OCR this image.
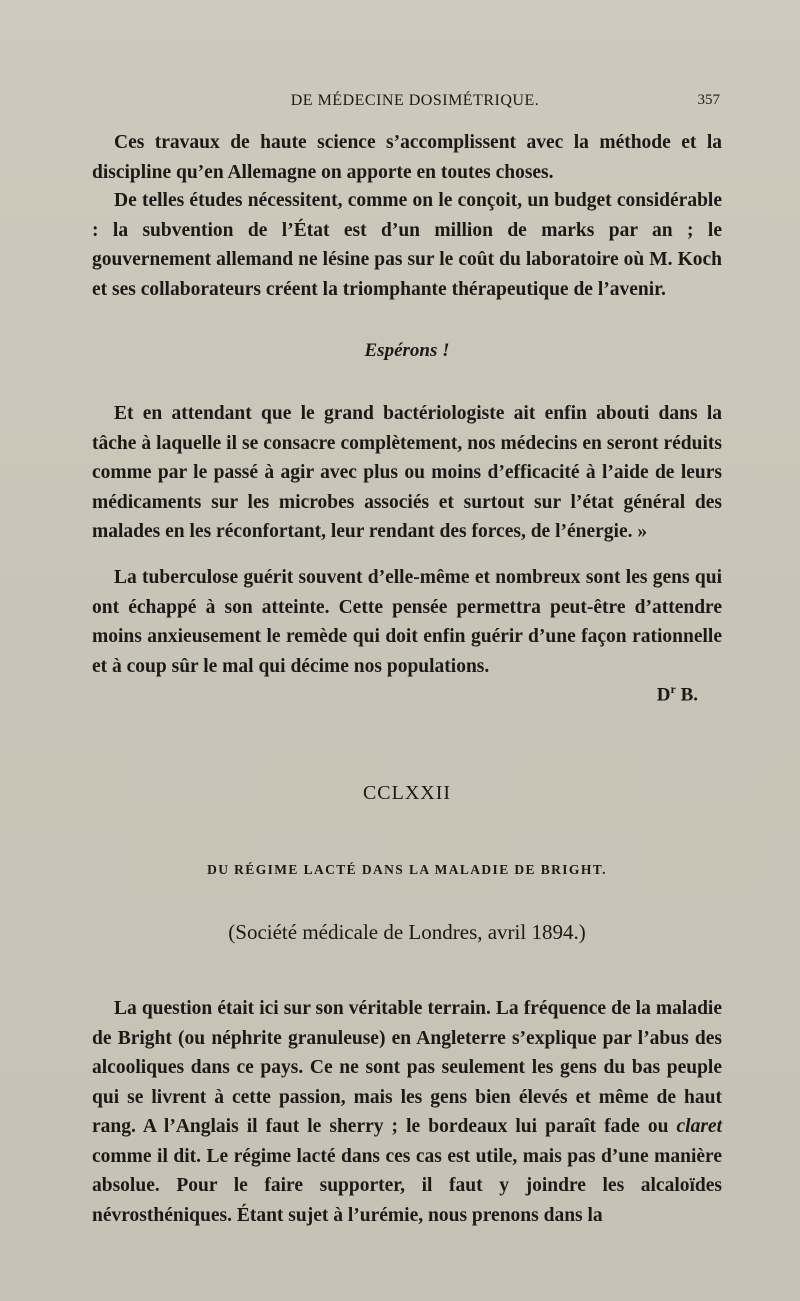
DE MÉDECINE DOSIMÉTRIQUE.	357

Ces travaux de haute science s’accomplissent avec la méthode et la discipline qu’en Allemagne on apporte en toutes choses.

De telles études nécessitent, comme on le conçoit, un budget considérable : la subvention de l’État est d’un million de marks par an ; le gouvernement allemand ne lésine pas sur le coût du laboratoire où M. Koch et ses collaborateurs créent la triomphante thérapeutique de l’avenir.

Espérons !

Et en attendant que le grand bactériologiste ait enfin abouti dans la tâche à laquelle il se consacre complètement, nos médecins en seront réduits comme par le passé à agir avec plus ou moins d’efficacité à l’aide de leurs médicaments sur les microbes associés et surtout sur l’état général des malades en les réconfortant, leur rendant des forces, de l’énergie. »

La tuberculose guérit souvent d’elle-même et nombreux sont les gens qui ont échappé à son atteinte. Cette pensée permettra peut-être d’attendre moins anxieusement le remède qui doit enfin guérir d’une façon rationnelle et à coup sûr le mal qui décime nos populations.

$D^r$ B.
CCLXXII
DU RÉGIME LACTÉ DANS LA MALADIE DE BRIGHT.
(Société médicale de Londres, avril 1894.)

La question était ici sur son véritable terrain. La fréquence de la maladie de Bright (ou néphrite granuleuse) en Angleterre s’explique par l’abus des alcooliques dans ce pays. Ce ne sont pas seulement les gens du bas peuple qui se livrent à cette passion, mais les gens bien élevés et même de haut rang. A l’Anglais il faut le sherry ; le bordeaux lui paraît fade ou claret comme il dit. Le régime lacté dans ces cas est utile, mais pas d’une manière absolue. Pour le faire supporter, il faut y joindre les alcaloïdes névrosthéniques. Étant sujet à l’urémie, nous prenons dans la
